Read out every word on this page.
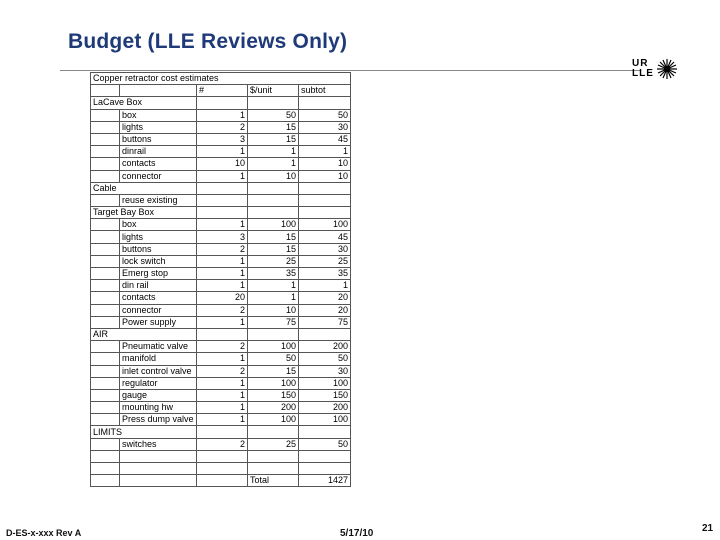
Budget (LLE Reviews Only)
UR
LLE
Copper retractor cost estimates				
		#	$/unit	subtot
LaCave Box				
	box	1	50	50
	lights	2	15	30
	buttons	3	15	45
	dinrail	1	1	1
	contacts	10	1	10
	connector	1	10	10
Cable				
	reuse existing			
Target Bay Box				
	box	1	100	100
	lights	3	15	45
	buttons	2	15	30
	lock switch	1	25	25
	Emerg stop	1	35	35
	din rail	1	1	1
	contacts	20	1	20
	connector	2	10	20
	Power supply	1	75	75
AIR				
	Pneumatic valve	2	100	200
	manifold	1	50	50
	inlet control valve	2	15	30
	regulator	1	100	100
	gauge	1	150	150
	mounting hw	1	200	200
	Press dump valve	1	100	100
LIMITS				
	switches	2	25	50

			Total	1427
D-ES-x-xxx Rev A	5/17/10	21
